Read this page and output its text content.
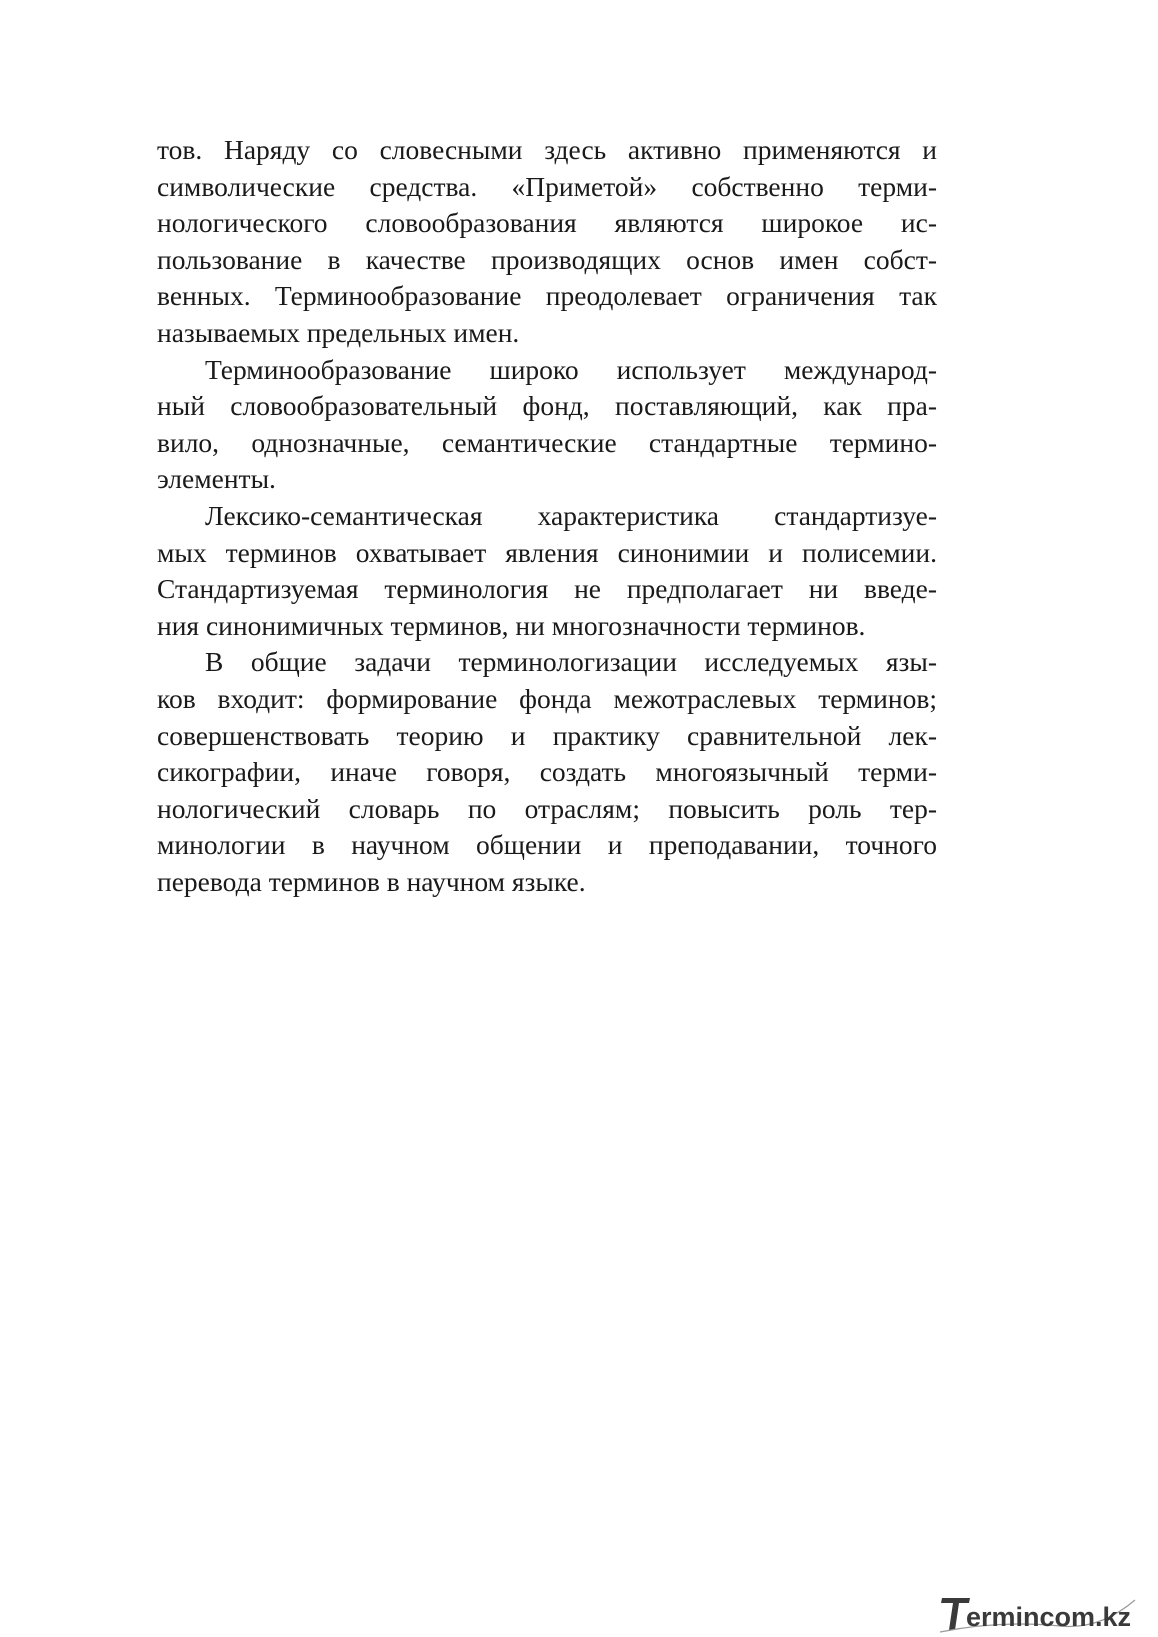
тов. Наряду со словесными здесь активно применяются и
символические средства. «Приметой» собственно терми-
нологического словообразования являются широкое ис-
пользование в качестве производящих основ имен собст-
венных. Терминообразование преодолевает ограничения так
называемых предельных имен.
Терминообразование широко использует международ-
ный словообразовательный фонд, поставляющий, как пра-
вило, однозначные, семантические стандартные термино-
элементы.
Лексико-семантическая характеристика стандартизуе-
мых терминов охватывает явления синонимии и полисемии.
Стандартизуемая терминология не предполагает ни введе-
ния синонимичных терминов, ни многозначности терминов.
В общие задачи терминологизации исследуемых язы-
ков входит: формирование фонда межотраслевых терминов;
совершенствовать теорию и практику сравнительной лек-
сикографии, иначе говоря, создать многоязычный терми-
нологический словарь по отраслям; повысить роль тер-
минологии в научном общении и преподавании, точного
перевода терминов в научном языке.
ermincom.kz
